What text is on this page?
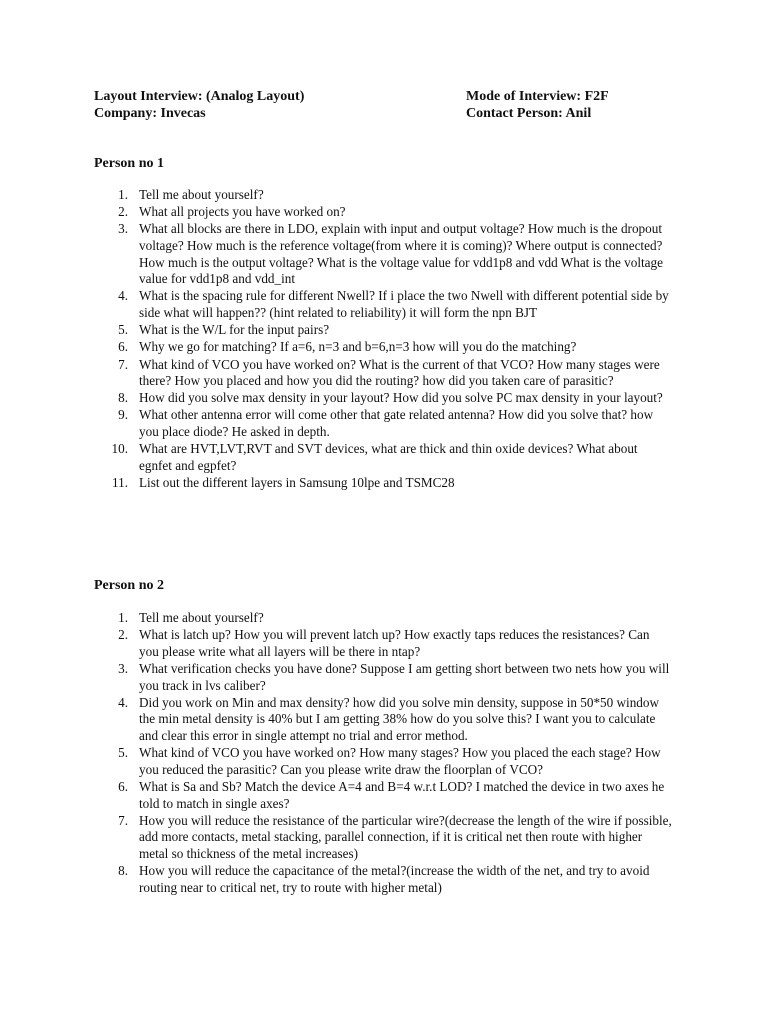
Layout Interview: (Analog Layout)
Company: Invecas
Mode of Interview: F2F
Contact Person: Anil
Person no 1
1. Tell me about yourself?
2. What all projects you have worked on?
3. What all blocks are there in LDO, explain with input and output voltage? How much is the dropout voltage? How much is the reference voltage(from where it is coming)? Where output is connected? How much is the output voltage? What is the voltage value for vdd1p8 and vdd What is the voltage value for vdd1p8 and vdd_int
4. What is the spacing rule for different Nwell? If i place the two Nwell with different potential side by side what will happen?? (hint related to reliability) it will form the npn BJT
5. What is the W/L for the input pairs?
6. Why we go for matching? If a=6, n=3 and b=6,n=3 how will you do the matching?
7. What kind of VCO you have worked on? What is the current of that VCO? How many stages were there? How you placed and how you did the routing? how did you taken care of parasitic?
8. How did you solve max density in your layout? How did you solve PC max density in your layout?
9. What other antenna error will come other that gate related antenna? How did you solve that? how you place diode? He asked in depth.
10. What are HVT,LVT,RVT and SVT devices, what are thick and thin oxide devices? What about egnfet and egpfet?
11. List out the different layers in Samsung 10lpe and TSMC28
Person no 2
1. Tell me about yourself?
2. What is latch up? How you will prevent latch up? How exactly taps reduces the resistances? Can you please write what all layers will be there in ntap?
3. What verification checks you have done? Suppose I am getting short between two nets how you will you track in lvs caliber?
4. Did you work on Min and max density? how did you solve min density, suppose in 50*50 window the min metal density is 40% but I am getting 38% how do you solve this? I want you to calculate and clear this error in single attempt no trial and error method.
5. What kind of VCO you have worked on? How many stages? How you placed the each stage? How you reduced the parasitic? Can you please write draw the floorplan of VCO?
6. What is Sa and Sb? Match the device A=4 and B=4 w.r.t LOD? I matched the device in two axes he told to match in single axes?
7. How you will reduce the resistance of the particular wire?(decrease the length of the wire if possible, add more contacts, metal stacking, parallel connection, if it is critical net then route with higher metal so thickness of the metal increases)
8. How you will reduce the capacitance of the metal?(increase the width of the net, and try to avoid routing near to critical net, try to route with higher metal)
